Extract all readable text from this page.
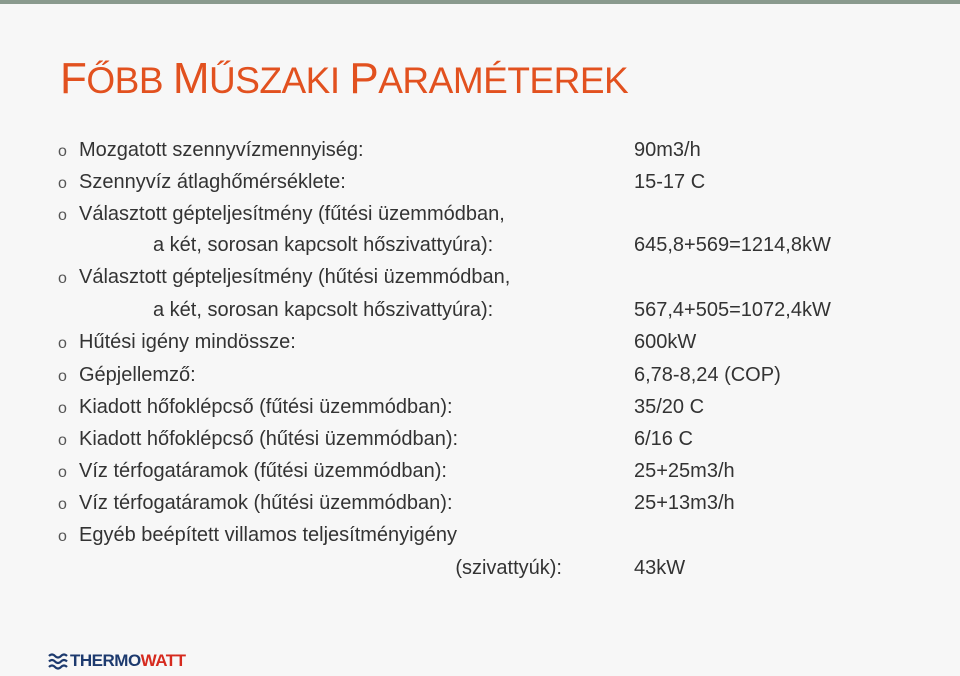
FŐBB MŰSZAKI PARAMÉTEREK
o Mozgatott szennyvízmennyiség:	90m3/h
o Szennyvíz átlaghőmérséklete:	15-17 C
o Választott gépteljesítmény (fűtési üzemmódban,
a két, sorosan kapcsolt hőszivattyúra):	645,8+569=1214,8kW
o Választott gépteljesítmény (hűtési üzemmódban,
a két, sorosan kapcsolt hőszivattyúra):	567,4+505=1072,4kW
o Hűtési igény mindössze:	600kW
o Gépjellemző:	6,78-8,24 (COP)
o Kiadott hőfoklépcső (fűtési üzemmódban):	35/20 C
o Kiadott hőfoklépcső (hűtési üzemmódban):	6/16 C
o Víz térfogatáramok (fűtési üzemmódban):	25+25m3/h
o Víz térfogatáramok (hűtési üzemmódban):	25+13m3/h
o Egyéb beépített villamos teljesítményigény
(szivattyúk):	43kW
THERMOWATT
